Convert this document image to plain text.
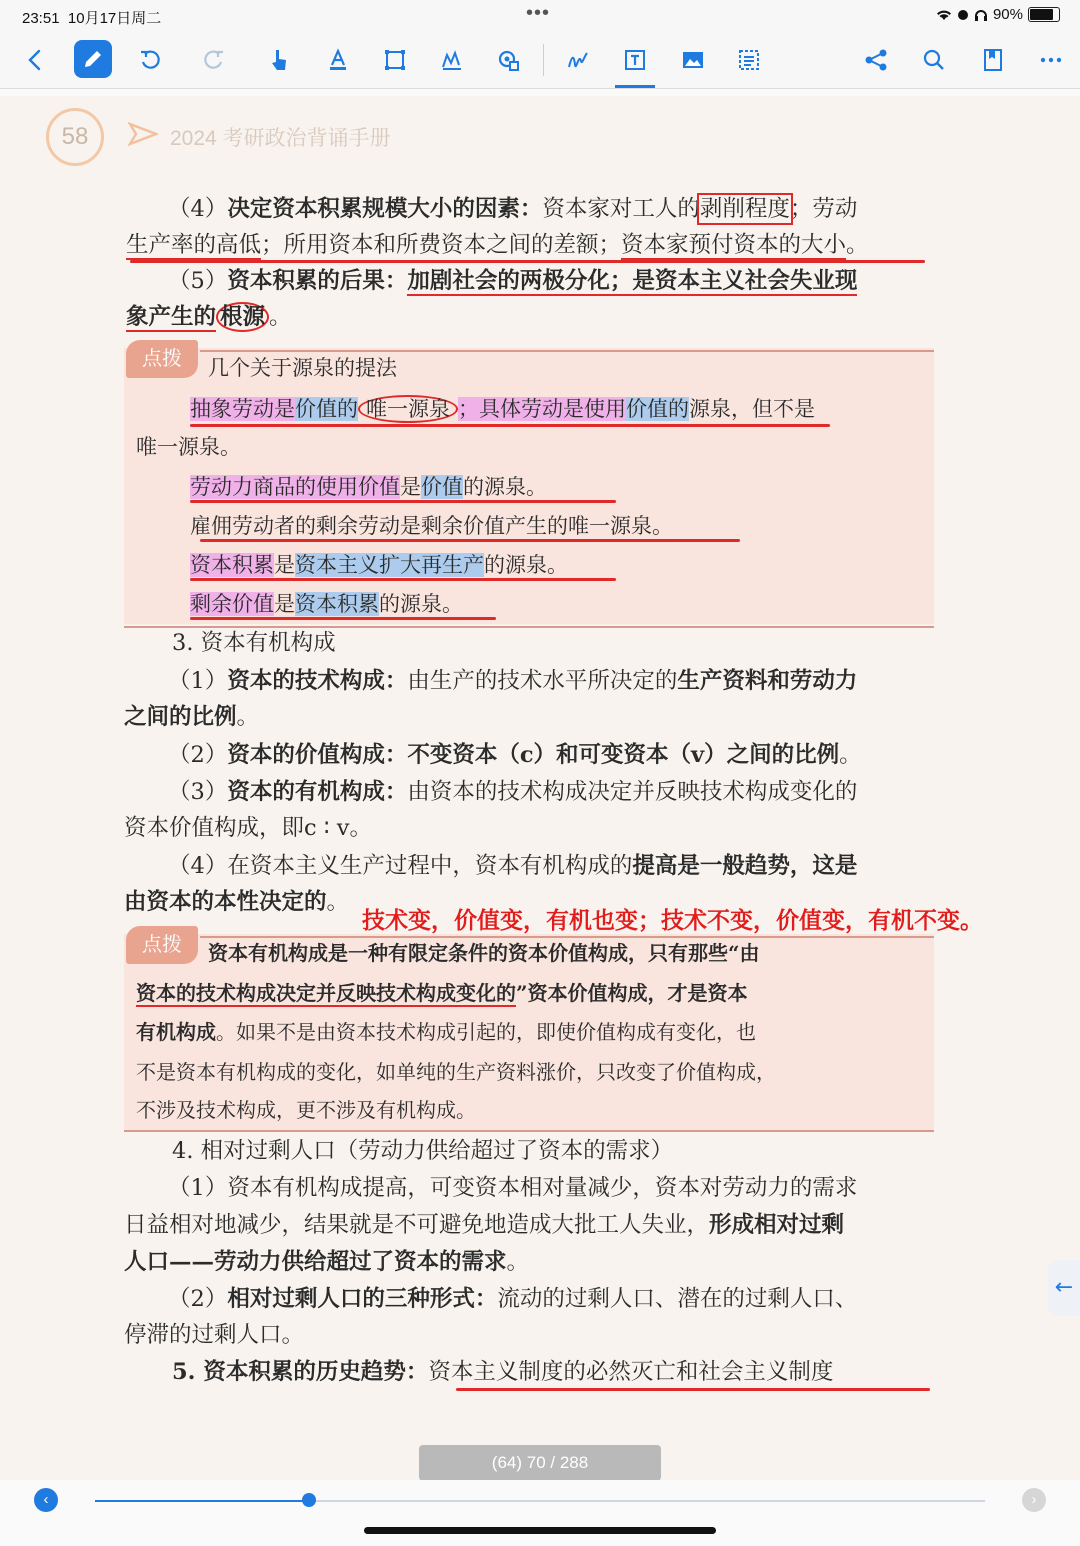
23:51 10月17日周二	•••	90%
58	2024 考研政治背诵手册
（4）决定资本积累规模大小的因素：资本家对工人的剥削程度；劳动
生产率的高低；所用资本和所费资本之间的差额；资本家预付资本的大小。
（5）资本积累的后果：加剧社会的两极分化；是资本主义社会失业现
象产生的 根源 。
点拨	几个关于源泉的提法
抽象劳动是价值的 唯一源泉 ；具体劳动是使用价值的源泉，但不是
唯一源泉。
劳动力商品的使用价值是价值的源泉。
雇佣劳动者的剩余劳动是剩余价值产生的唯一源泉。
资本积累是资本主义扩大再生产的源泉。
剩余价值是资本积累的源泉。
3. 资本有机构成
（1）资本的技术构成：由生产的技术水平所决定的生产资料和劳动力
之间的比例。
（2）资本的价值构成：不变资本（c）和可变资本（v）之间的比例。
（3）资本的有机构成：由资本的技术构成决定并反映技术构成变化的
资本价值构成，即c ∶ v。
（4）在资本主义生产过程中，资本有机构成的提高是一般趋势，这是
由资本的本性决定的。
技术变，价值变，有机也变；技术不变，价值变，有机不变。
点拨	资本有机构成是一种有限定条件的资本价值构成，只有那些“由
资本的技术构成决定并反映技术构成变化的”资本价值构成，才是资本
有机构成。如果不是由资本技术构成引起的，即使价值构成有变化，也
不是资本有机构成的变化，如单纯的生产资料涨价，只改变了价值构成，
不涉及技术构成，更不涉及有机构成。
4. 相对过剩人口（劳动力供给超过了资本的需求）
（1）资本有机构成提高，可变资本相对量减少，资本对劳动力的需求
日益相对地减少，结果就是不可避免地造成大批工人失业，形成相对过剩
人口——劳动力供给超过了资本的需求。
（2）相对过剩人口的三种形式：流动的过剩人口、潜在的过剩人口、
停滞的过剩人口。
5. 资本积累的历史趋势：资本主义制度的必然灭亡和社会主义制度
←
(64) 70 / 288
‹	›
